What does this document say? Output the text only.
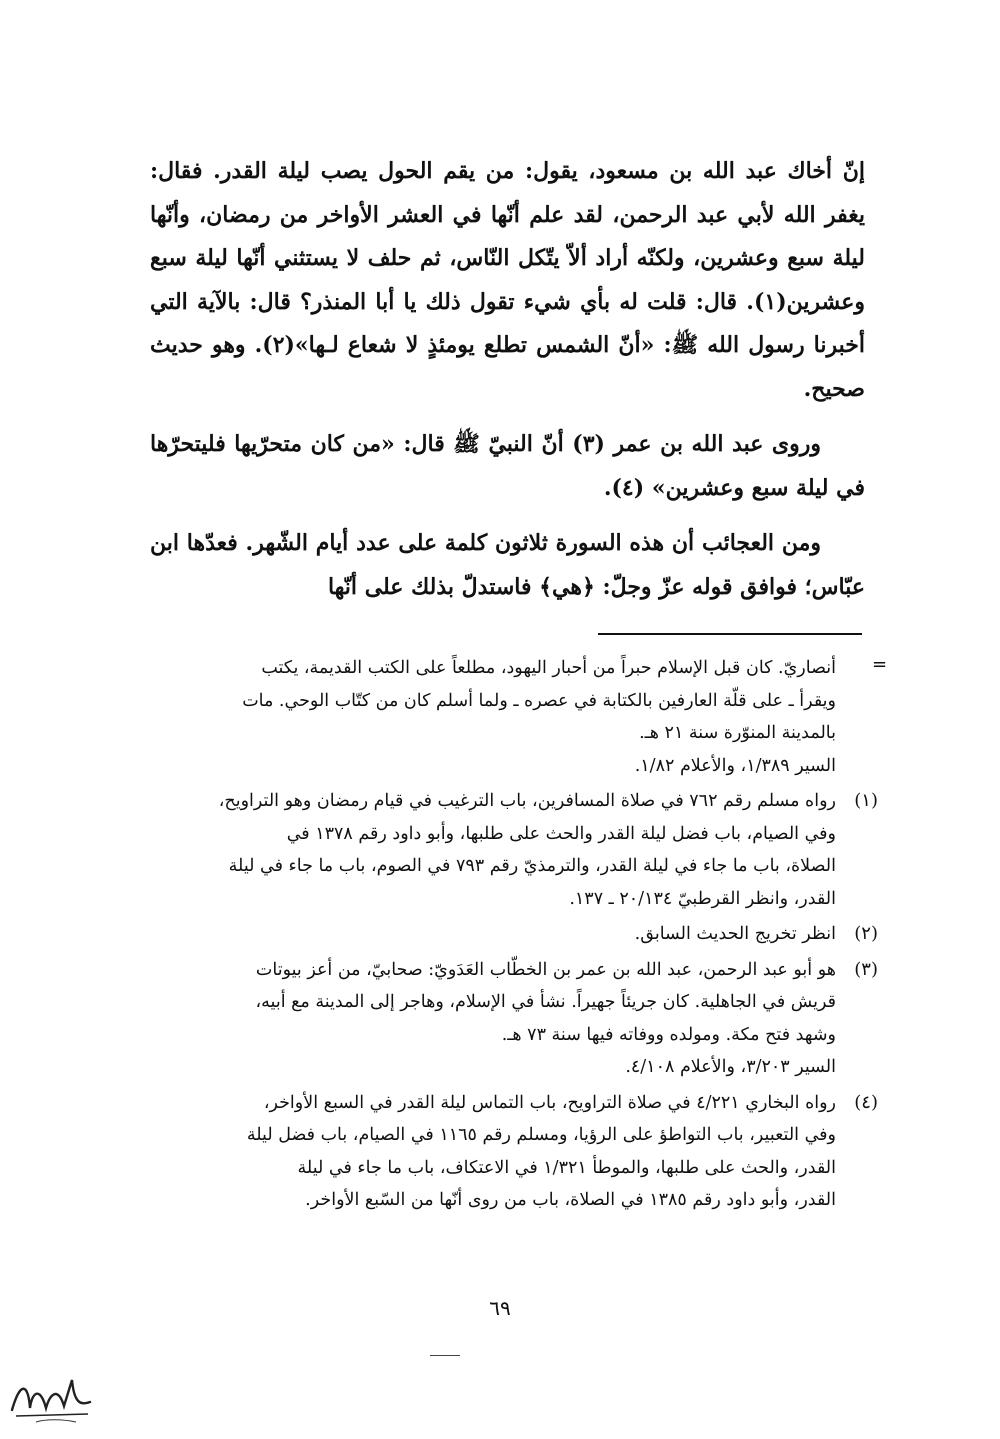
إنّ أخاك عبد الله بن مسعود، يقول: من يقم الحول يصب ليلة القدر. فقال: يغفر الله لأبي عبد الرحمن، لقد علم أنّها في العشر الأواخر من رمضان، وأنّها ليلة سبع وعشرين، ولكنّه أراد ألاّ يتّكل النّاس، ثم حلف لا يستثني أنّها ليلة سبع وعشرين(١). قال: قلت له بأي شيء تقول ذلك يا أبا المنذر؟ قال: بالآية التي أخبرنا رسول الله ﷺ: «أنّ الشمس تطلع يومئذٍ لا شعاع لـها»(٢). وهو حديث صحيح.

وروى عبد الله بن عمر (٣) أنّ النبيّ ﷺ قال: «من كان متحرّيها فليتحرّها في ليلة سبع وعشرين» (٤).

ومن العجائب أن هذه السورة ثلاثون كلمة على عدد أيام الشّهر. فعدّها ابن عبّاس؛ فوافق قوله عزّ وجلّ: ﴿هي﴾ فاستدلّ بذلك على أنّها

=
أنصاريّ. كان قبل الإسلام حبراً من أحبار اليهود، مطلعاً على الكتب القديمة، يكتب
ويقرأ ـ على قلّة العارفين بالكتابة في عصره ـ ولما أسلم كان من كتّاب الوحي. مات
بالمدينة المنوّرة سنة ٢١ هـ.
السير ١/٣٨٩، والأعلام ١/٨٢.
(١)
رواه مسلم رقم ٧٦٢ في صلاة المسافرين، باب الترغيب في قيام رمضان وهو التراويح،
وفي الصيام، باب فضل ليلة القدر والحث على طلبها، وأبو داود رقم ١٣٧٨ في
الصلاة، باب ما جاء في ليلة القدر، والترمذيّ رقم ٧٩٣ في الصوم، باب ما جاء في ليلة
القدر، وانظر القرطبيّ ٢٠/١٣٤ ـ ١٣٧.
(٢)
انظر تخريج الحديث السابق.
(٣)
هو أبو عبد الرحمن، عبد الله بن عمر بن الخطّاب العَدَويّ: صحابيّ، من أعز بيوتات
قريش في الجاهلية. كان جريئاً جهيراً. نشأ في الإسلام، وهاجر إلى المدينة مع أبيه،
وشهد فتح مكة. ومولده ووفاته فيها سنة ٧٣ هـ.
السير ٣/٢٠٣، والأعلام ٤/١٠٨.
(٤)
رواه البخاري ٤/٢٢١ في صلاة التراويح، باب التماس ليلة القدر في السبع الأواخر،
وفي التعبير، باب التواطؤ على الرؤيا، ومسلم رقم ١١٦٥ في الصيام، باب فضل ليلة
القدر، والحث على طلبها، والموطأ ١/٣٢١ في الاعتكاف، باب ما جاء في ليلة
القدر، وأبو داود رقم ١٣٨٥ في الصلاة، باب من روى أنّها من السّبع الأواخر.
٦٩
